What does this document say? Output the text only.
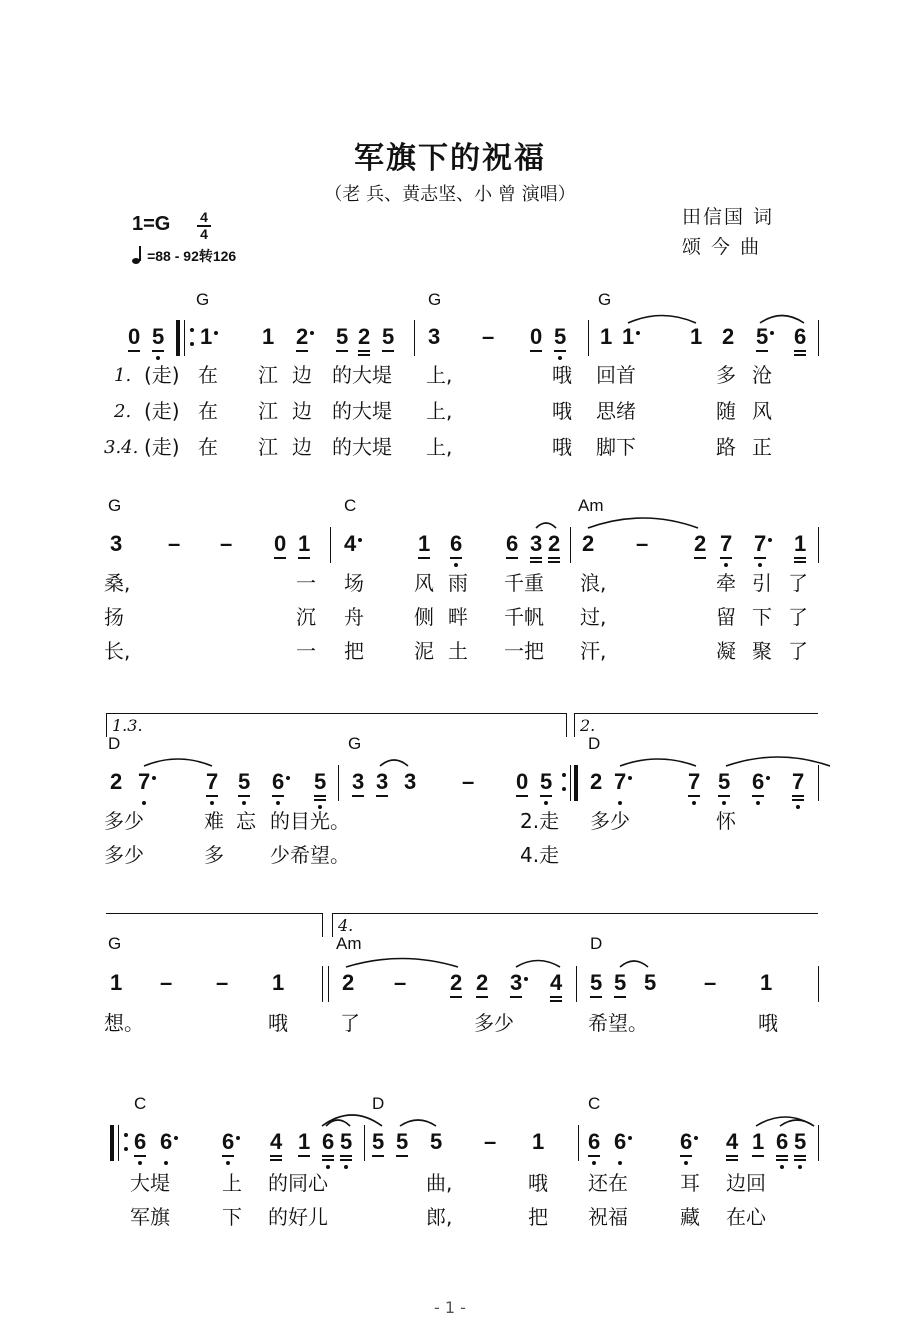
军旗下的祝福
（老 兵、黄志坚、小 曾 演唱）
田信国 词
颂 今 曲
1=G 4
4
=88 - 92转126
G	G	G
0 5 1 1 2 5 2 5 3 – 0 5 1 1	1 2 5 6
1. (走) 在 江 边 的大堤 上,	哦 回首	多 沧
2. (走) 在 江 边 的大堤 上,	哦 思绪	随 风
3.4. (走) 在 江 边 的大堤 上,	哦 脚下	路 正
G	C	Am
3 – – 0 1 4	1 6 6 3 2 2 – 2 7 7 1
桑,	一 场	风 雨 千重 浪,	牵 引 了
扬	沉 舟	侧 畔 千帆 过,	留 下 了
长,	一 把	泥 土 一把 汗,	凝 聚 了
1.3.	2.
D	G	D
2 7	7 5 6 5 3 3 3 – 0 5 2 7	7 5 6 7
多少	难 忘 的目光。	2.走 多少	怀
多少	多 少希望。	4.走
4.
G	Am	D
1 – – 1	2 – 2 2 3 4 5 5 5 – 1
想。	哦	了	多少	希望。	哦
C	D	C
6 6 6 4 1 6 5 5 5 5 – 1 6 6 6 4 1 6 5
大堤	上 的同心	曲,	哦 还在	耳 边回
军旗	下 的好儿	郎,	把 祝福	藏 在心
- 1 -
